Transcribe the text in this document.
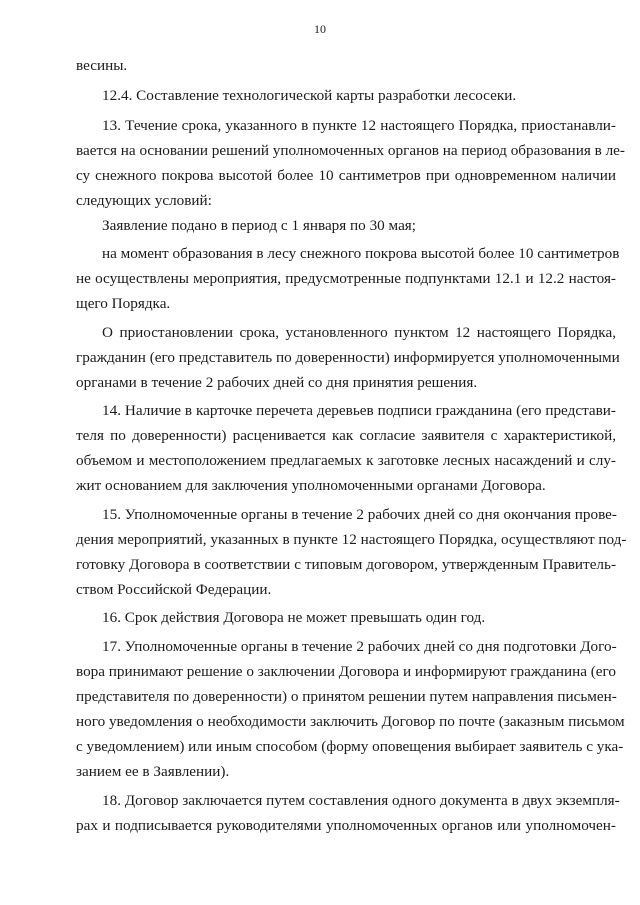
10
весины.
12.4. Составление технологической карты разработки лесосеки.
13. Течение срока, указанного в пункте 12 настоящего Порядка, приостанавли-
вается на основании решений уполномоченных органов на период образования в ле-
су снежного покрова высотой более 10 сантиметров при одновременном наличии
следующих условий:
Заявление подано в период с 1 января по 30 мая;
на момент образования в лесу снежного покрова высотой более 10 сантиметров
не осуществлены мероприятия, предусмотренные подпунктами 12.1 и 12.2 настоя-
щего Порядка.
О приостановлении срока, установленного пунктом 12 настоящего Порядка,
гражданин (его представитель по доверенности) информируется уполномоченными
органами в течение 2 рабочих дней со дня принятия решения.
14. Наличие в карточке перечета деревьев подписи гражданина (его представи-
теля по доверенности) расценивается как согласие заявителя с характеристикой,
объемом и местоположением предлагаемых к заготовке лесных насаждений и слу-
жит основанием для заключения уполномоченными органами Договора.
15. Уполномоченные органы в течение 2 рабочих дней со дня окончания прове-
дения мероприятий, указанных в пункте 12 настоящего Порядка, осуществляют под-
готовку Договора в соответствии с типовым договором, утвержденным Правитель-
ством Российской Федерации.
16. Срок действия Договора не может превышать один год.
17. Уполномоченные органы в течение 2 рабочих дней со дня подготовки Дого-
вора принимают решение о заключении Договора и информируют гражданина (его
представителя по доверенности) о принятом решении путем направления письмен-
ного уведомления о необходимости заключить Договор по почте (заказным письмом
с уведомлением) или иным способом (форму оповещения выбирает заявитель с ука-
занием ее в Заявлении).
18. Договор заключается путем составления одного документа в двух экземпля-
рах и подписывается руководителями уполномоченных органов или уполномочен-
